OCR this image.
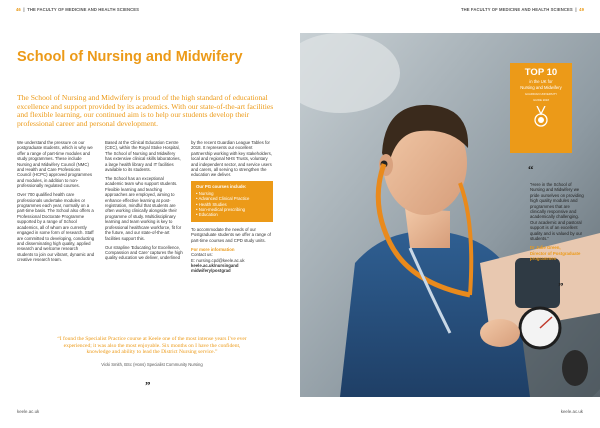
46  |  THE FACULTY OF MEDICINE AND HEALTH SCIENCES	THE FACULTY OF MEDICINE AND HEALTH SCIENCES  |  49
School of Nursing and Midwifery

The School of Nursing and Midwifery is proud of the high standard of educational excellence and support provided by its academics. With our state-of-the-art facilities and flexible learning, our continued aim is to help our students develop their professional career and personal development.

We understand the pressure on our postgraduate students, which is why we offer a range of part-time modules and study programmes. These include Nursing and Midwifery Council (NMC) and Health and Care Professions Council (HCPC) approved programmes and modules, in addition to non-professionally regulated courses.

Over 700 qualified health care professionals undertake modules or programmes each year, normally on a part-time basis. The School also offers a Professional Doctorate Programme supported by a range of School academics, all of whom are currently engaged in some form of research. Staff are committed to developing, conducting and disseminating high quality, applied research and welcome research students to join our vibrant, dynamic and creative research team.

Based at the Clinical Education Centre (CEC), within the Royal Stoke Hospital, The School of Nursing and Midwifery has extensive clinical skills laboratories, a large health library and IT facilities available to its students.

The School has an exceptional academic team who support students. Flexible learning and teaching approaches are employed, aiming to enhance effective learning at post-registration, mindful that students are often working clinically alongside their programme of study. Multidisciplinary learning and team working is key to professional healthcare workforce, fit for the future, and our state-of-the-art facilities support this.

Our strapline 'Educating for Excellence, Compassion and Care' captures the high quality education we deliver, underlined

by the recent Guardian League Tables for 2018. It represents our excellent partnership working with key stakeholders, local and regional NHS Trusts, voluntary and independent sector, and service users and carers, all serving to strengthen the education we deliver.

Our PG courses include:
• Nursing
• Advanced Clinical Practice
• Health Studies
• Non-medical prescribing
• Education

To accommodate the needs of our Postgraduate students we offer a range of part-time courses and CPD study units.

For more information
Contact us:
E: nursing.cpd@keele.ac.uk
keele.ac.uk/nursingand
midwifery/postgrad

“I found the Specialist Practice course at Keele one of the most intense years I've ever experienced; it was also the most enjoyable. Six months on I have the confident, knowledge and ability to lead the District Nursing service.”

Vicki Smith, BSc (Hons) Specialist Community Nursing

”
keele.ac.uk	keele.ac.uk
TOP 10
in the UK for
Nursing and Midwifery
GUARDIAN UNIVERSITY
GUIDE 2018
“

“Here in the School of Nursing and Midwifery we pride ourselves on providing high quality modules and programmes that are clinically responsive and academically challenging. Our academic and pastoral support is of an excellent quality and is valued by our students.”

Dr Julie Green,

Director of Postgraduate programmes

”
